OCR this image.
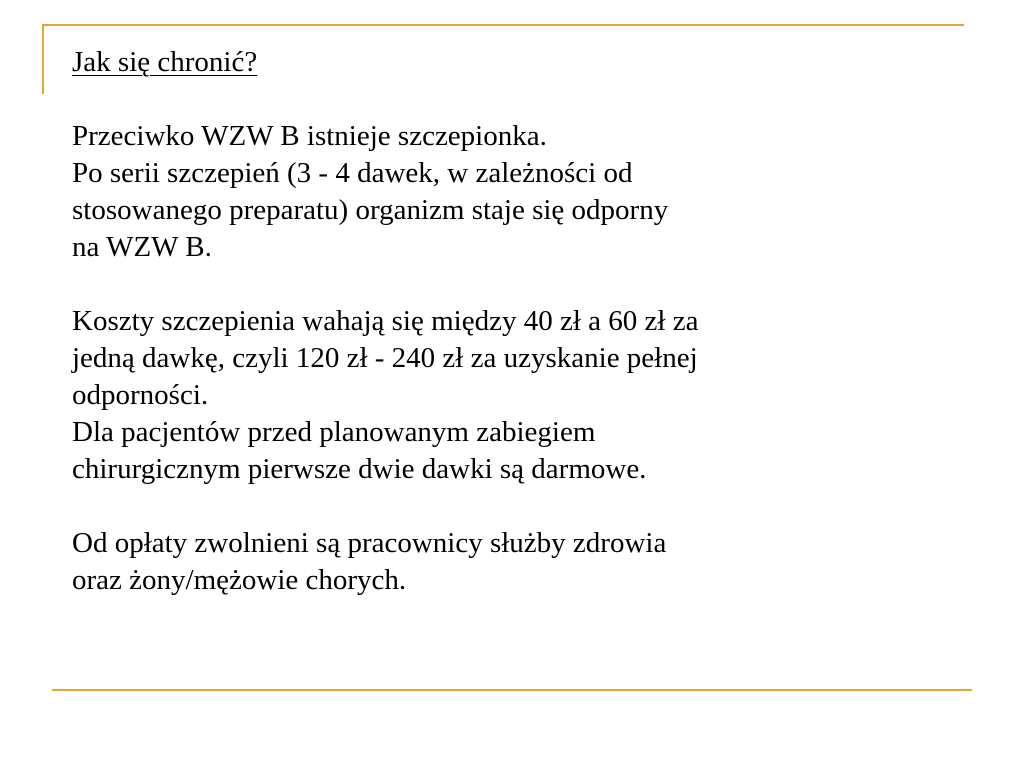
Jak się chronić?

Przeciwko WZW B istnieje szczepionka.

Po serii szczepień (3 - 4 dawek, w zależności od

stosowanego preparatu) organizm staje się odporny

na WZW B.

Koszty szczepienia wahają się między 40 zł a 60 zł za

jedną dawkę, czyli 120 zł - 240 zł za uzyskanie pełnej

odporności.

Dla pacjentów przed planowanym zabiegiem

chirurgicznym pierwsze dwie dawki są darmowe.

Od opłaty zwolnieni są pracownicy służby zdrowia

oraz żony/mężowie chorych.
